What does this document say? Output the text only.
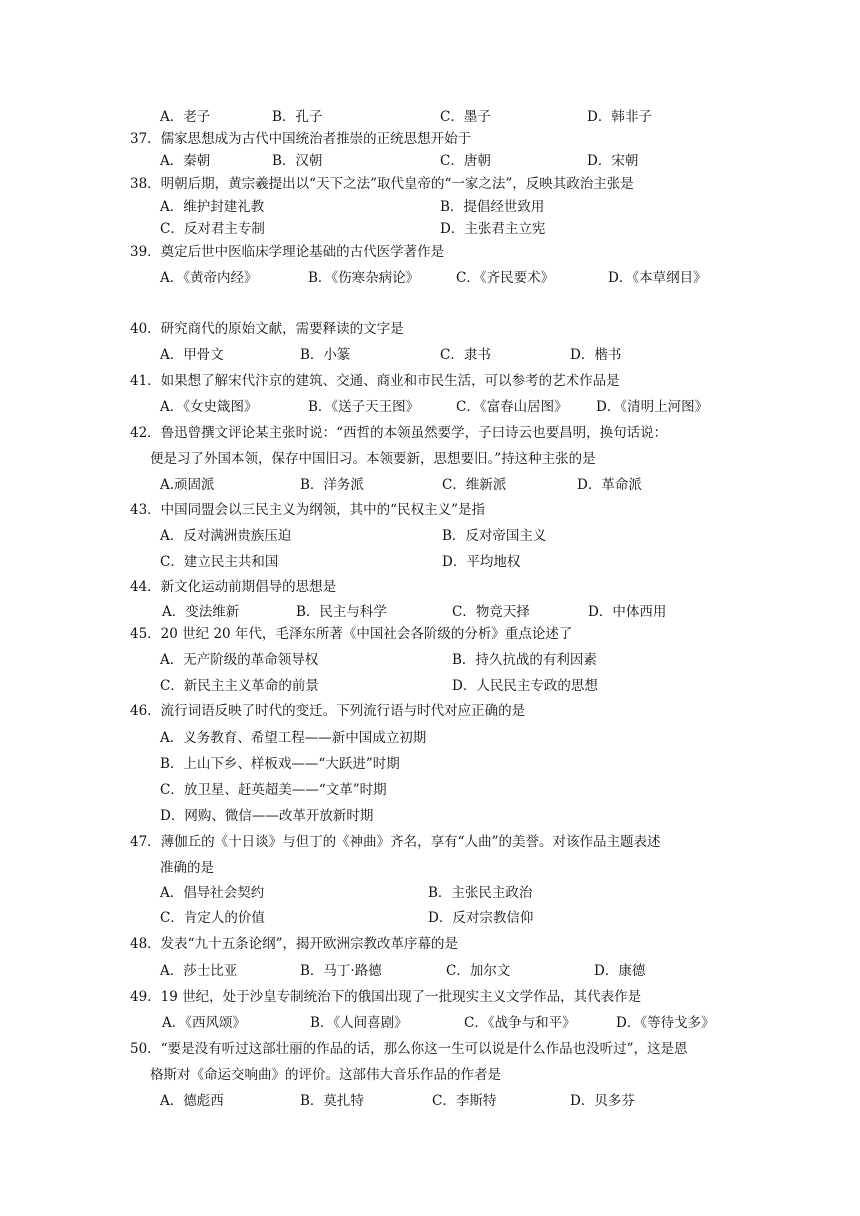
A．老子	B．孔子	C．墨子	D．韩非子
37．儒家思想成为古代中国统治者推崇的正统思想开始于
A．秦朝	B．汉朝	C．唐朝	D．宋朝
38．明朝后期，黄宗羲提出以“天下之法”取代皇帝的“一家之法”，反映其政治主张是
A．维护封建礼教	B．提倡经世致用
C．反对君主专制	D．主张君主立宪
39．奠定后世中医临床学理论基础的古代医学著作是
A．《黄帝内经》	B．《伤寒杂病论》	C．《齐民要术》	D．《本草纲目》
40．研究商代的原始文献，需要释读的文字是
A．甲骨文	B．小篆	C．隶书	D．楷书
41．如果想了解宋代汴京的建筑、交通、商业和市民生活，可以参考的艺术作品是
A．《女史箴图》	B．《送子天王图》	C．《富春山居图》 D．《清明上河图》
42．鲁迅曾撰文评论某主张时说：“西哲的本领虽然要学，子曰诗云也要昌明，换句话说：
便是习了外国本领，保存中国旧习。本领要新，思想要旧。”持这种主张的是
A.顽固派	B．洋务派	C．维新派	D．革命派
43．中国同盟会以三民主义为纲领，其中的“民权主义”是指
A．反对满洲贵族压迫	B．反对帝国主义
C．建立民主共和国	D．平均地权
44．新文化运动前期倡导的思想是
A．变法维新	B．民主与科学	C．物竞天择	D．中体西用
45．20 世纪 20 年代，毛泽东所著《中国社会各阶级的分析》重点论述了
A．无产阶级的革命领导权	B．持久抗战的有利因素
C．新民主主义革命的前景	D．人民民主专政的思想
46．流行词语反映了时代的变迁。下列流行语与时代对应正确的是
A．义务教育、希望工程——新中国成立初期
B．上山下乡、样板戏——“大跃进”时期
C．放卫星、赶英超美——“文革”时期
D．网购、微信——改革开放新时期
47．薄伽丘的《十日谈》与但丁的《神曲》齐名，享有“人曲”的美誉。对该作品主题表述
准确的是
A．倡导社会契约	B．主张民主政治
C．肯定人的价值	D．反对宗教信仰
48．发表“九十五条论纲”，揭开欧洲宗教改革序幕的是
A．莎士比亚	B．马丁·路德	C．加尔文	D．康德
49．19 世纪，处于沙皇专制统治下的俄国出现了一批现实主义文学作品，其代表作是
A．《西风颂》	B．《人间喜剧》	C．《战争与和平》	D．《等待戈多》
50．“要是没有听过这部壮丽的作品的话，那么你这一生可以说是什么作品也没听过”，这是恩
格斯对《命运交响曲》的评价。这部伟大音乐作品的作者是
A．德彪西	B．莫扎特	C．李斯特	D．贝多芬
